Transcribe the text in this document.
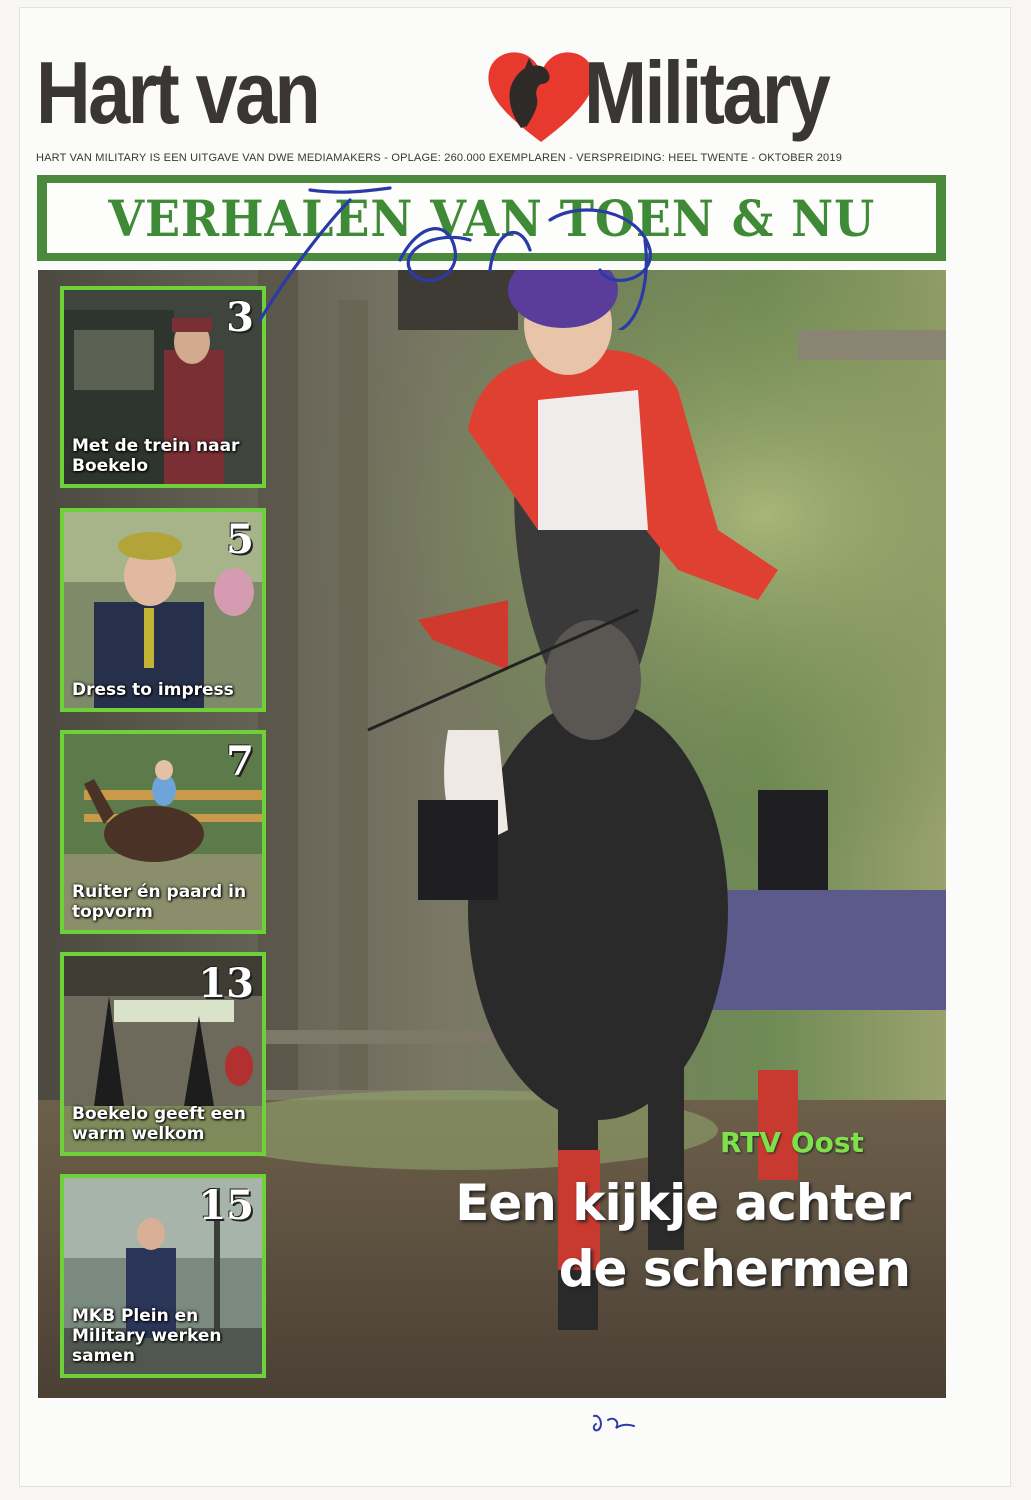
Hart van	Military
HART VAN MILITARY IS EEN UITGAVE VAN DWE MEDIAMAKERS - OPLAGE: 260.000 EXEMPLAREN - VERSPREIDING: HEEL TWENTE - OKTOBER 2019
VERHALEN VAN TOEN & NU
3
Met de trein naar Boekelo
5
Dress to impress
7
Ruiter én paard in topvorm
13
Boekelo geeft een warm welkom
15
MKB Plein en Military werken samen
RTV Oost
Een kijkje achter de schermen
